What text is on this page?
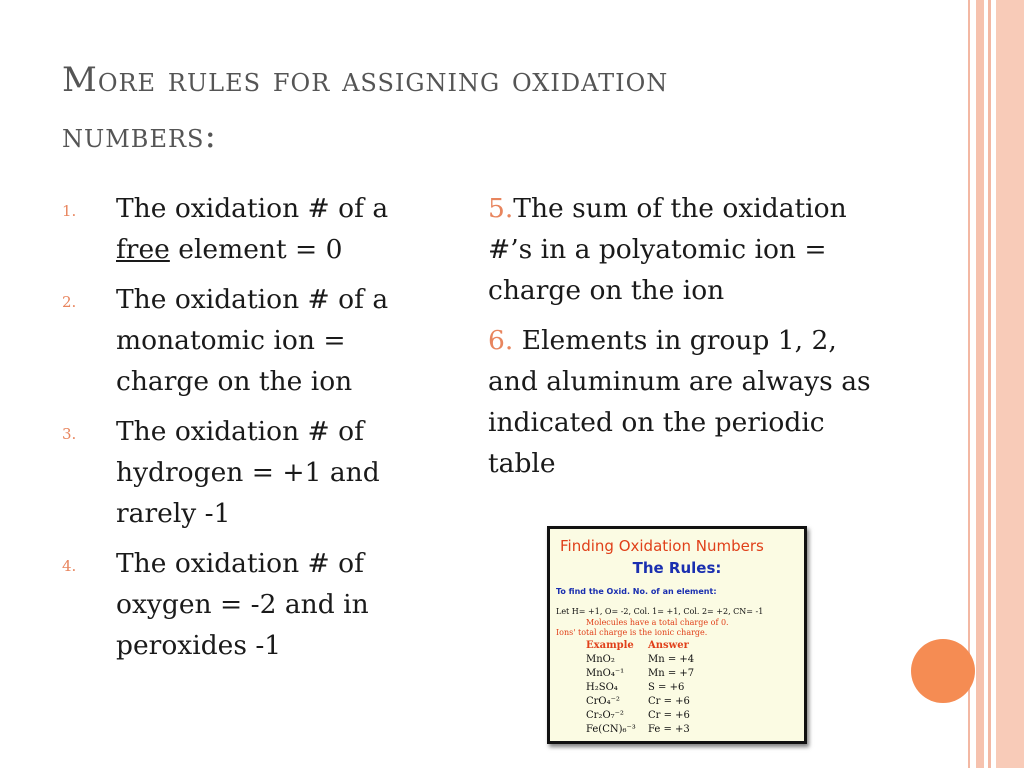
More rules for assigning oxidation numbers:
1.	The oxidation # of a free element = 0
2.	The oxidation # of a monatomic ion = charge on the ion
3.	The oxidation # of hydrogen = +1 and rarely -1
4.	The oxidation # of oxygen = -2 and in peroxides -1
5.The sum of the oxidation #’s in a polyatomic ion = charge on the ion
6. Elements in group 1, 2, and aluminum are always as indicated on the periodic table
Finding Oxidation Numbers
The Rules:
To find the Oxid. No. of an element:
Let H= +1, O= -2, Col. 1= +1, Col. 2= +2, CN= -1
Molecules have a total charge of 0.
Ions' total charge is the ionic charge.
Example	Answer
MnO₂	Mn = +4
MnO₄⁻¹	Mn = +7
H₂SO₄	S = +6
CrO₄⁻²	Cr = +6
Cr₂O₇⁻²	Cr = +6
Fe(CN)₆⁻³	Fe = +3
